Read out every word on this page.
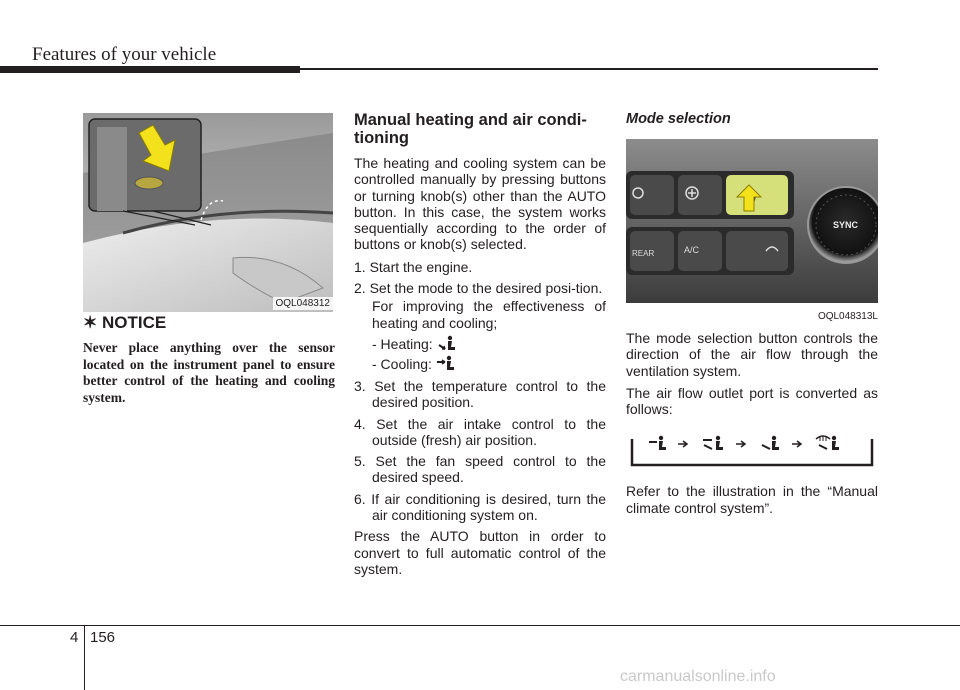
Features of your vehicle
OQL048312
✶ NOTICE
Never place anything over the sensor located on the instrument panel to ensure better control of the heating and cooling system.
Manual heating and air condi-tioning
The heating and cooling system can be controlled manually by pressing buttons or turning knob(s) other than the AUTO button. In this case, the system works sequentially according to the order of buttons or knob(s) selected.
1. Start the engine.
2. Set the mode to the desired posi-tion.
For improving the effectiveness of heating and cooling;
- Heating:
- Cooling:
3. Set the temperature control to the desired position.
4. Set the air intake control to the outside (fresh) air position.
5. Set the fan speed control to the desired speed.
6. If air conditioning is desired, turn the air conditioning system on.
Press the AUTO button in order to convert to full automatic control of the system.
Mode selection
REAR	A/C
SYNC
OQL048313L
The mode selection button controls the direction of the air flow through the ventilation system.
The air flow outlet port is converted as follows:
Refer to the illustration in the “Manual climate control system”.
4 156
carmanualsonline.info
